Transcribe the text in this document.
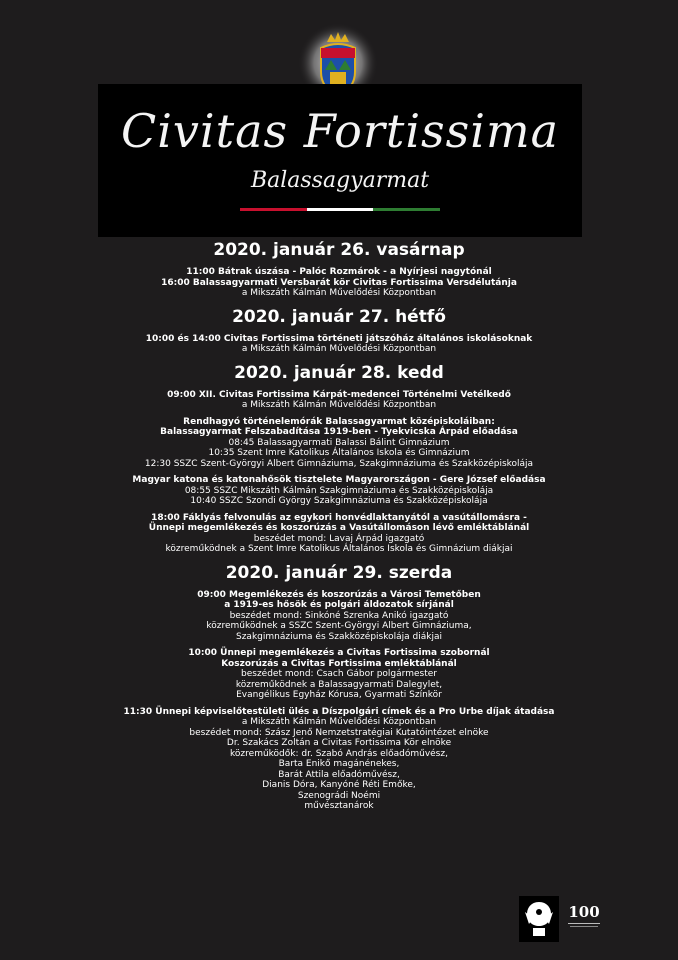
Civitas Fortissima
Balassagyarmat
2020. január 26. vasárnap
11:00 Bátrak úszása - Palóc Rozmárok - a Nyírjesi nagytónál
16:00 Balassagyarmati Versbarát kör Civitas Fortissima Versdélutánja
a Mikszáth Kálmán Művelődési Központban
2020. január 27. hétfő
10:00 és 14:00 Civitas Fortissima történeti játszóház általános iskolásoknak
a Mikszáth Kálmán Művelődési Központban
2020. január 28. kedd
09:00 XII. Civitas Fortissima Kárpát-medencei Történelmi Vetélkedő
a Mikszáth Kálmán Művelődési Központban
Rendhagyó történelemórák Balassagyarmat középiskoláiban:
Balassagyarmat Felszabadítása 1919-ben - Tyekvicska Árpád előadása
08:45 Balassagyarmati Balassi Bálint Gimnázium
10:35 Szent Imre Katolikus Általános Iskola és Gimnázium
12:30 SSZC Szent-Györgyi Albert Gimnáziuma, Szakgimnáziuma és Szakközépiskolája
Magyar katona és katonahősök tisztelete Magyarországon - Gere József előadása
08:55 SSZC Mikszáth Kálmán Szakgimnáziuma és Szakközépiskolája
10:40 SSZC Szondi György Szakgimnáziuma és Szakközépiskolája
18:00 Fáklyás felvonulás az egykori honvédlaktanyától a vasútállomásra -
Ünnepi megemlékezés és koszorúzás a Vasútállomáson lévő emléktáblánál
beszédet mond: Lavaj Árpád igazgató
közreműködnek a Szent Imre Katolikus Általános Iskola és Gimnázium diákjai
2020. január 29. szerda
09:00 Megemlékezés és koszorúzás a Városi Temetőben
a 1919-es hősök és polgári áldozatok sírjánál
beszédet mond: Sinkóné Szrenka Anikó igazgató
közreműködnek a SSZC Szent-Györgyi Albert Gimnáziuma,
Szakgimnáziuma és Szakközépiskolája diákjai
10:00 Ünnepi megemlékezés a Civitas Fortissima szobornál
Koszorúzás a Civitas Fortissima emléktáblánál
beszédet mond: Csach Gábor polgármester
közreműködnek a Balassagyarmati Dalegylet,
Evangélikus Egyház Kórusa, Gyarmati Színkör
11:30 Ünnepi képviselőtestületi ülés a Díszpolgári címek és a Pro Urbe díjak átadása
a Mikszáth Kálmán Művelődési Központban
beszédet mond: Szász Jenő Nemzetstratégiai Kutatóintézet elnöke
Dr. Szakács Zoltán a Civitas Fortissima Kör elnöke
közreműködők: dr. Szabó András előadóművész,
Barta Enikő magánénekes,
Barát Attila előadóművész,
Dianis Dóra, Kanyóné Réti Emőke,
Szenográdi Noémi
művésztanárok
100
